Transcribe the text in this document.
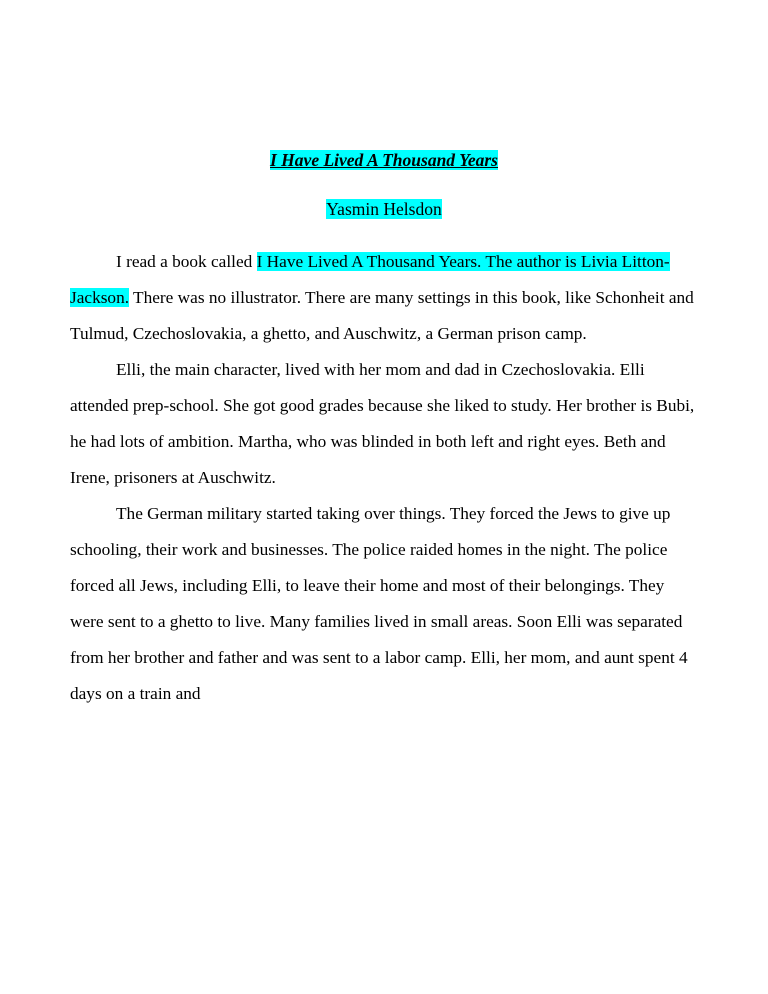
I Have Lived A Thousand Years
Yasmin Helsdon

I read a book called I Have Lived A Thousand Years. The author is Livia Litton-Jackson. There was no illustrator. There are many settings in this book, like Schonheit and Tulmud, Czechoslovakia, a ghetto, and Auschwitz, a German prison camp.

Elli, the main character, lived with her mom and dad in Czechoslovakia. Elli attended prep-school. She got good grades because she liked to study. Her brother is Bubi, he had lots of ambition. Martha, who was blinded in both left and right eyes. Beth and Irene, prisoners at Auschwitz.

The German military started taking over things. They forced the Jews to give up schooling, their work and businesses. The police raided homes in the night. The police forced all Jews, including Elli, to leave their home and most of their belongings. They were sent to a ghetto to live. Many families lived in small areas. Soon Elli was separated from her brother and father and was sent to a labor camp. Elli, her mom, and aunt spent 4 days on a train and
